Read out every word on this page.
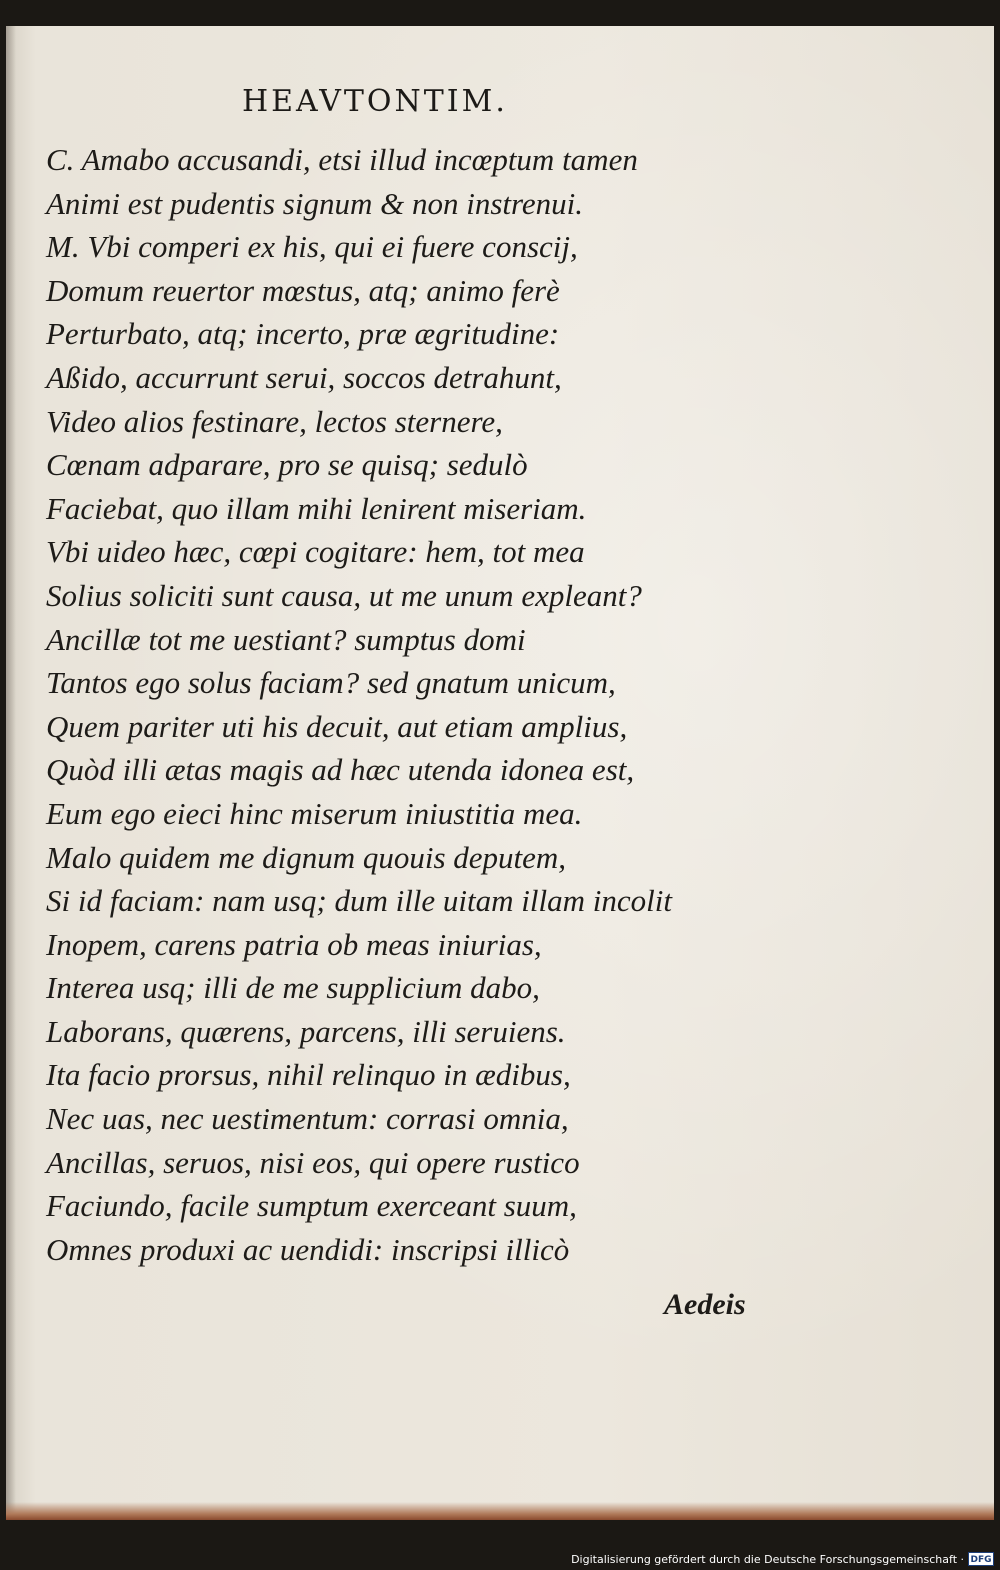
HEAVTONTIM.
C. Amabo accusandi, etsi illud incœptum tamen
Animi est pudentis signum & non instrenui.
M. Vbi comperi ex his, qui ei fuere conscij,
Domum reuertor mœstus, atq; animo ferè
Perturbato, atq; incerto, præ ægritudine:
Aßido, accurrunt serui, soccos detrahunt,
Video alios festinare, lectos sternere,
Cœnam adparare, pro se quisq; sedulò
Faciebat, quo illam mihi lenirent miseriam.
Vbi uideo hæc, cœpi cogitare: hem, tot mea
Solius soliciti sunt causa, ut me unum expleant?
Ancillæ tot me uestiant? sumptus domi
Tantos ego solus faciam? sed gnatum unicum,
Quem pariter uti his decuit, aut etiam amplius,
Quòd illi ætas magis ad hæc utenda idonea est,
Eum ego eieci hinc miserum iniustitia mea.
Malo quidem me dignum quouis deputem,
Si id faciam: nam usq; dum ille uitam illam incolit
Inopem, carens patria ob meas iniurias,
Interea usq; illi de me supplicium dabo,
Laborans, quærens, parcens, illi seruiens.
Ita facio prorsus, nihil relinquo in ædibus,
Nec uas, nec uestimentum: corrasi omnia,
Ancillas, seruos, nisi eos, qui opere rustico
Faciundo, facile sumptum exerceant suum,
Omnes produxi ac uendidi: inscripsi illicò
Aedeis
Digitalisierung gefördert durch die Deutsche Forschungsgemeinschaft · DFG
